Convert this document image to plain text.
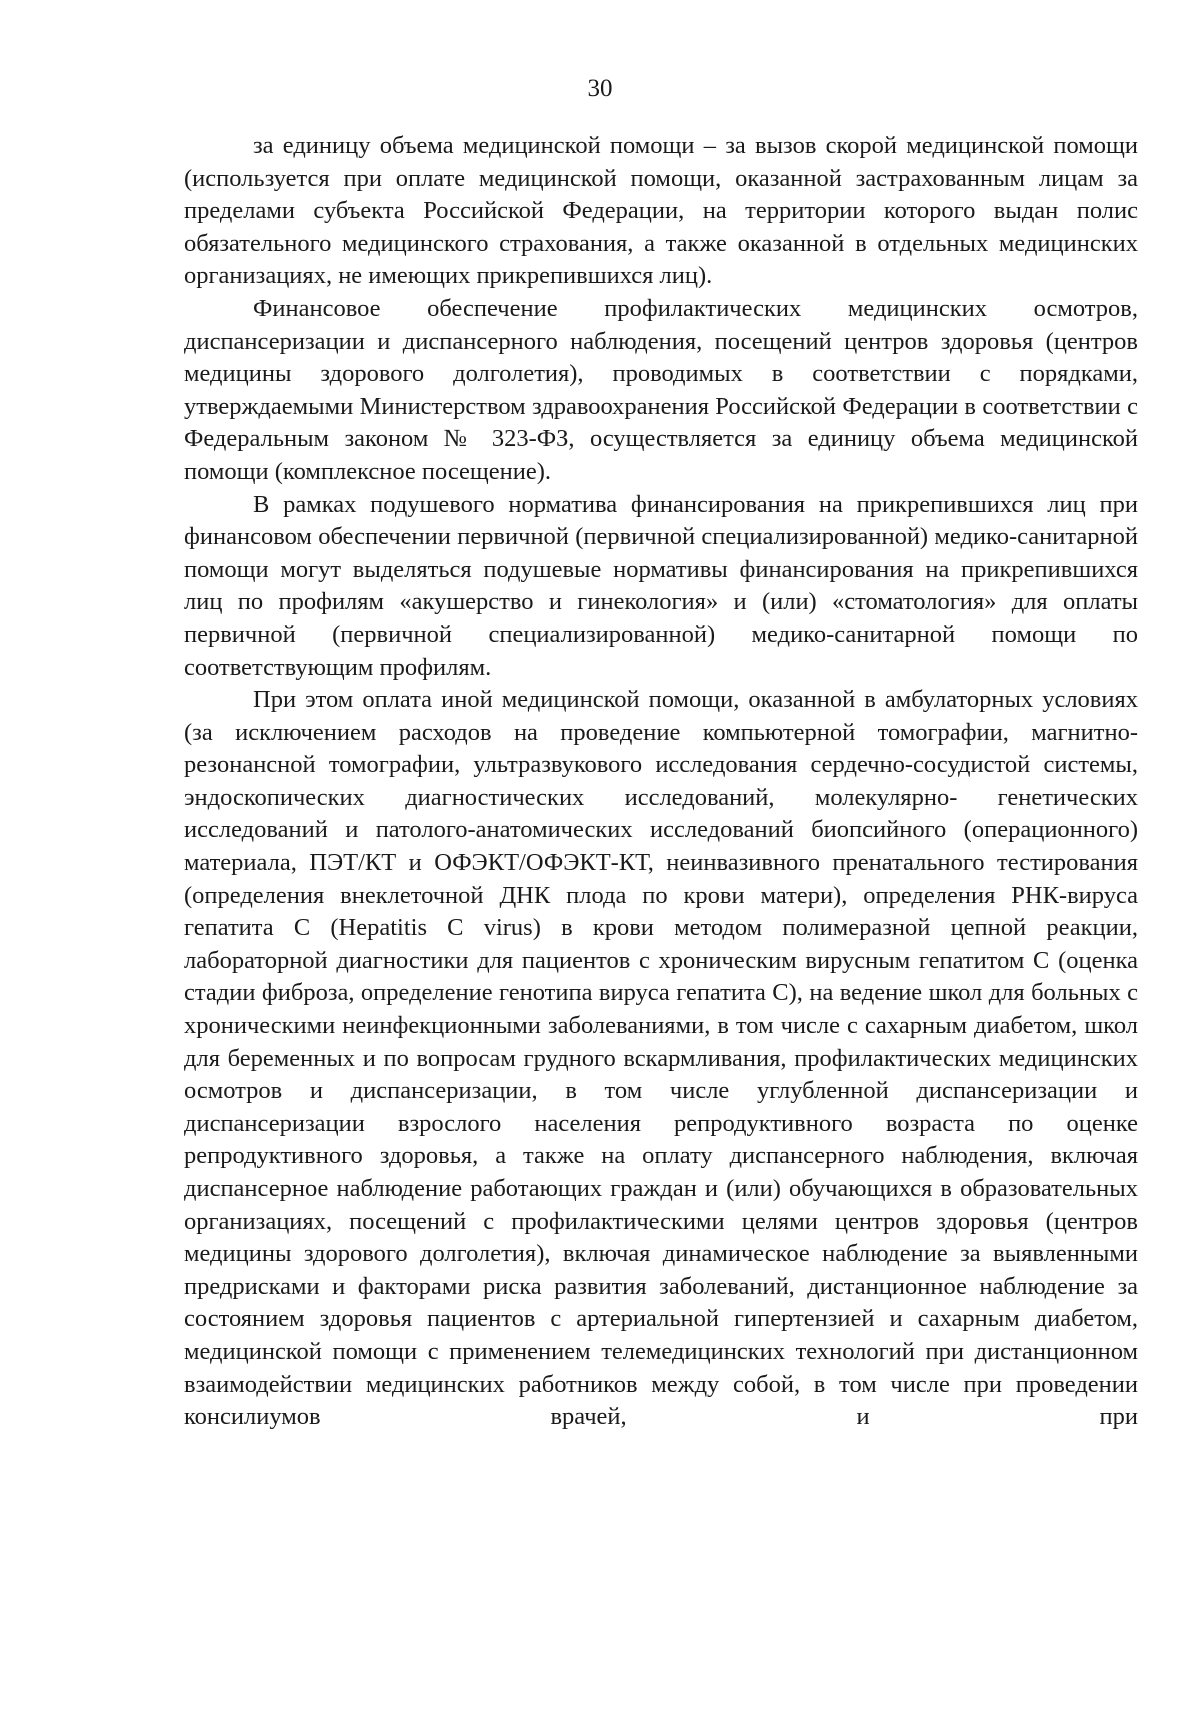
30

за единицу объема медицинской помощи – за вызов скорой медицинской помощи (используется при оплате медицинской помощи, оказанной застрахованным лицам за пределами субъекта Российской Федерации, на территории которого выдан полис обязательного медицинского страхования, а также оказанной в отдельных медицинских организациях, не имеющих прикрепившихся лиц).

Финансовое обеспечение профилактических медицинских осмотров, диспансеризации и диспансерного наблюдения, посещений центров здоровья (центров медицины здорового долголетия), проводимых в соответствии с порядками, утверждаемыми Министерством здравоохранения Российской Федерации в соответствии с Федеральным законом № 323-ФЗ, осуществляется за единицу объема медицинской помощи (комплексное посещение).

В рамках подушевого норматива финансирования на прикрепившихся лиц при финансовом обеспечении первичной (первичной специализированной) медико-санитарной помощи могут выделяться подушевые нормативы финансирования на прикрепившихся лиц по профилям «акушерство и гинекология» и (или) «стоматология» для оплаты первичной (первичной специализированной) медико-санитарной помощи по соответствующим профилям.

При этом оплата иной медицинской помощи, оказанной в амбулаторных условиях (за исключением расходов на проведение компьютерной томографии, магнитно-резонансной томографии, ультразвукового исследования сердечно-сосудистой системы, эндоскопических диагностических исследований, молекулярно- генетических исследований и патолого-анатомических исследований биопсийного (операционного) материала, ПЭТ/КТ и ОФЭКТ/ОФЭКТ-КТ, неинвазивного пренатального тестирования (определения внеклеточной ДНК плода по крови матери), определения РНК-вируса гепатита C (Hepatitis C virus) в крови методом полимеразной цепной реакции, лабораторной диагностики для пациентов с хроническим вирусным гепатитом C (оценка стадии фиброза, определение генотипа вируса гепатита C), на ведение школ для больных с хроническими неинфекционными заболеваниями, в том числе с сахарным диабетом, школ для беременных и по вопросам грудного вскармливания, профилактических медицинских осмотров и диспансеризации, в том числе углубленной диспансеризации и диспансеризации взрослого населения репродуктивного возраста по оценке репродуктивного здоровья, а также на оплату диспансерного наблюдения, включая диспансерное наблюдение работающих граждан и (или) обучающихся в образовательных организациях, посещений с профилактическими целями центров здоровья (центров медицины здорового долголетия), включая динамическое наблюдение за выявленными предрисками и факторами риска развития заболеваний, дистанционное наблюдение за состоянием здоровья пациентов с артериальной гипертензией и сахарным диабетом, медицинской помощи с применением телемедицинских технологий при дистанционном взаимодействии медицинских работников между собой, в том числе при проведении консилиумов врачей, и при
